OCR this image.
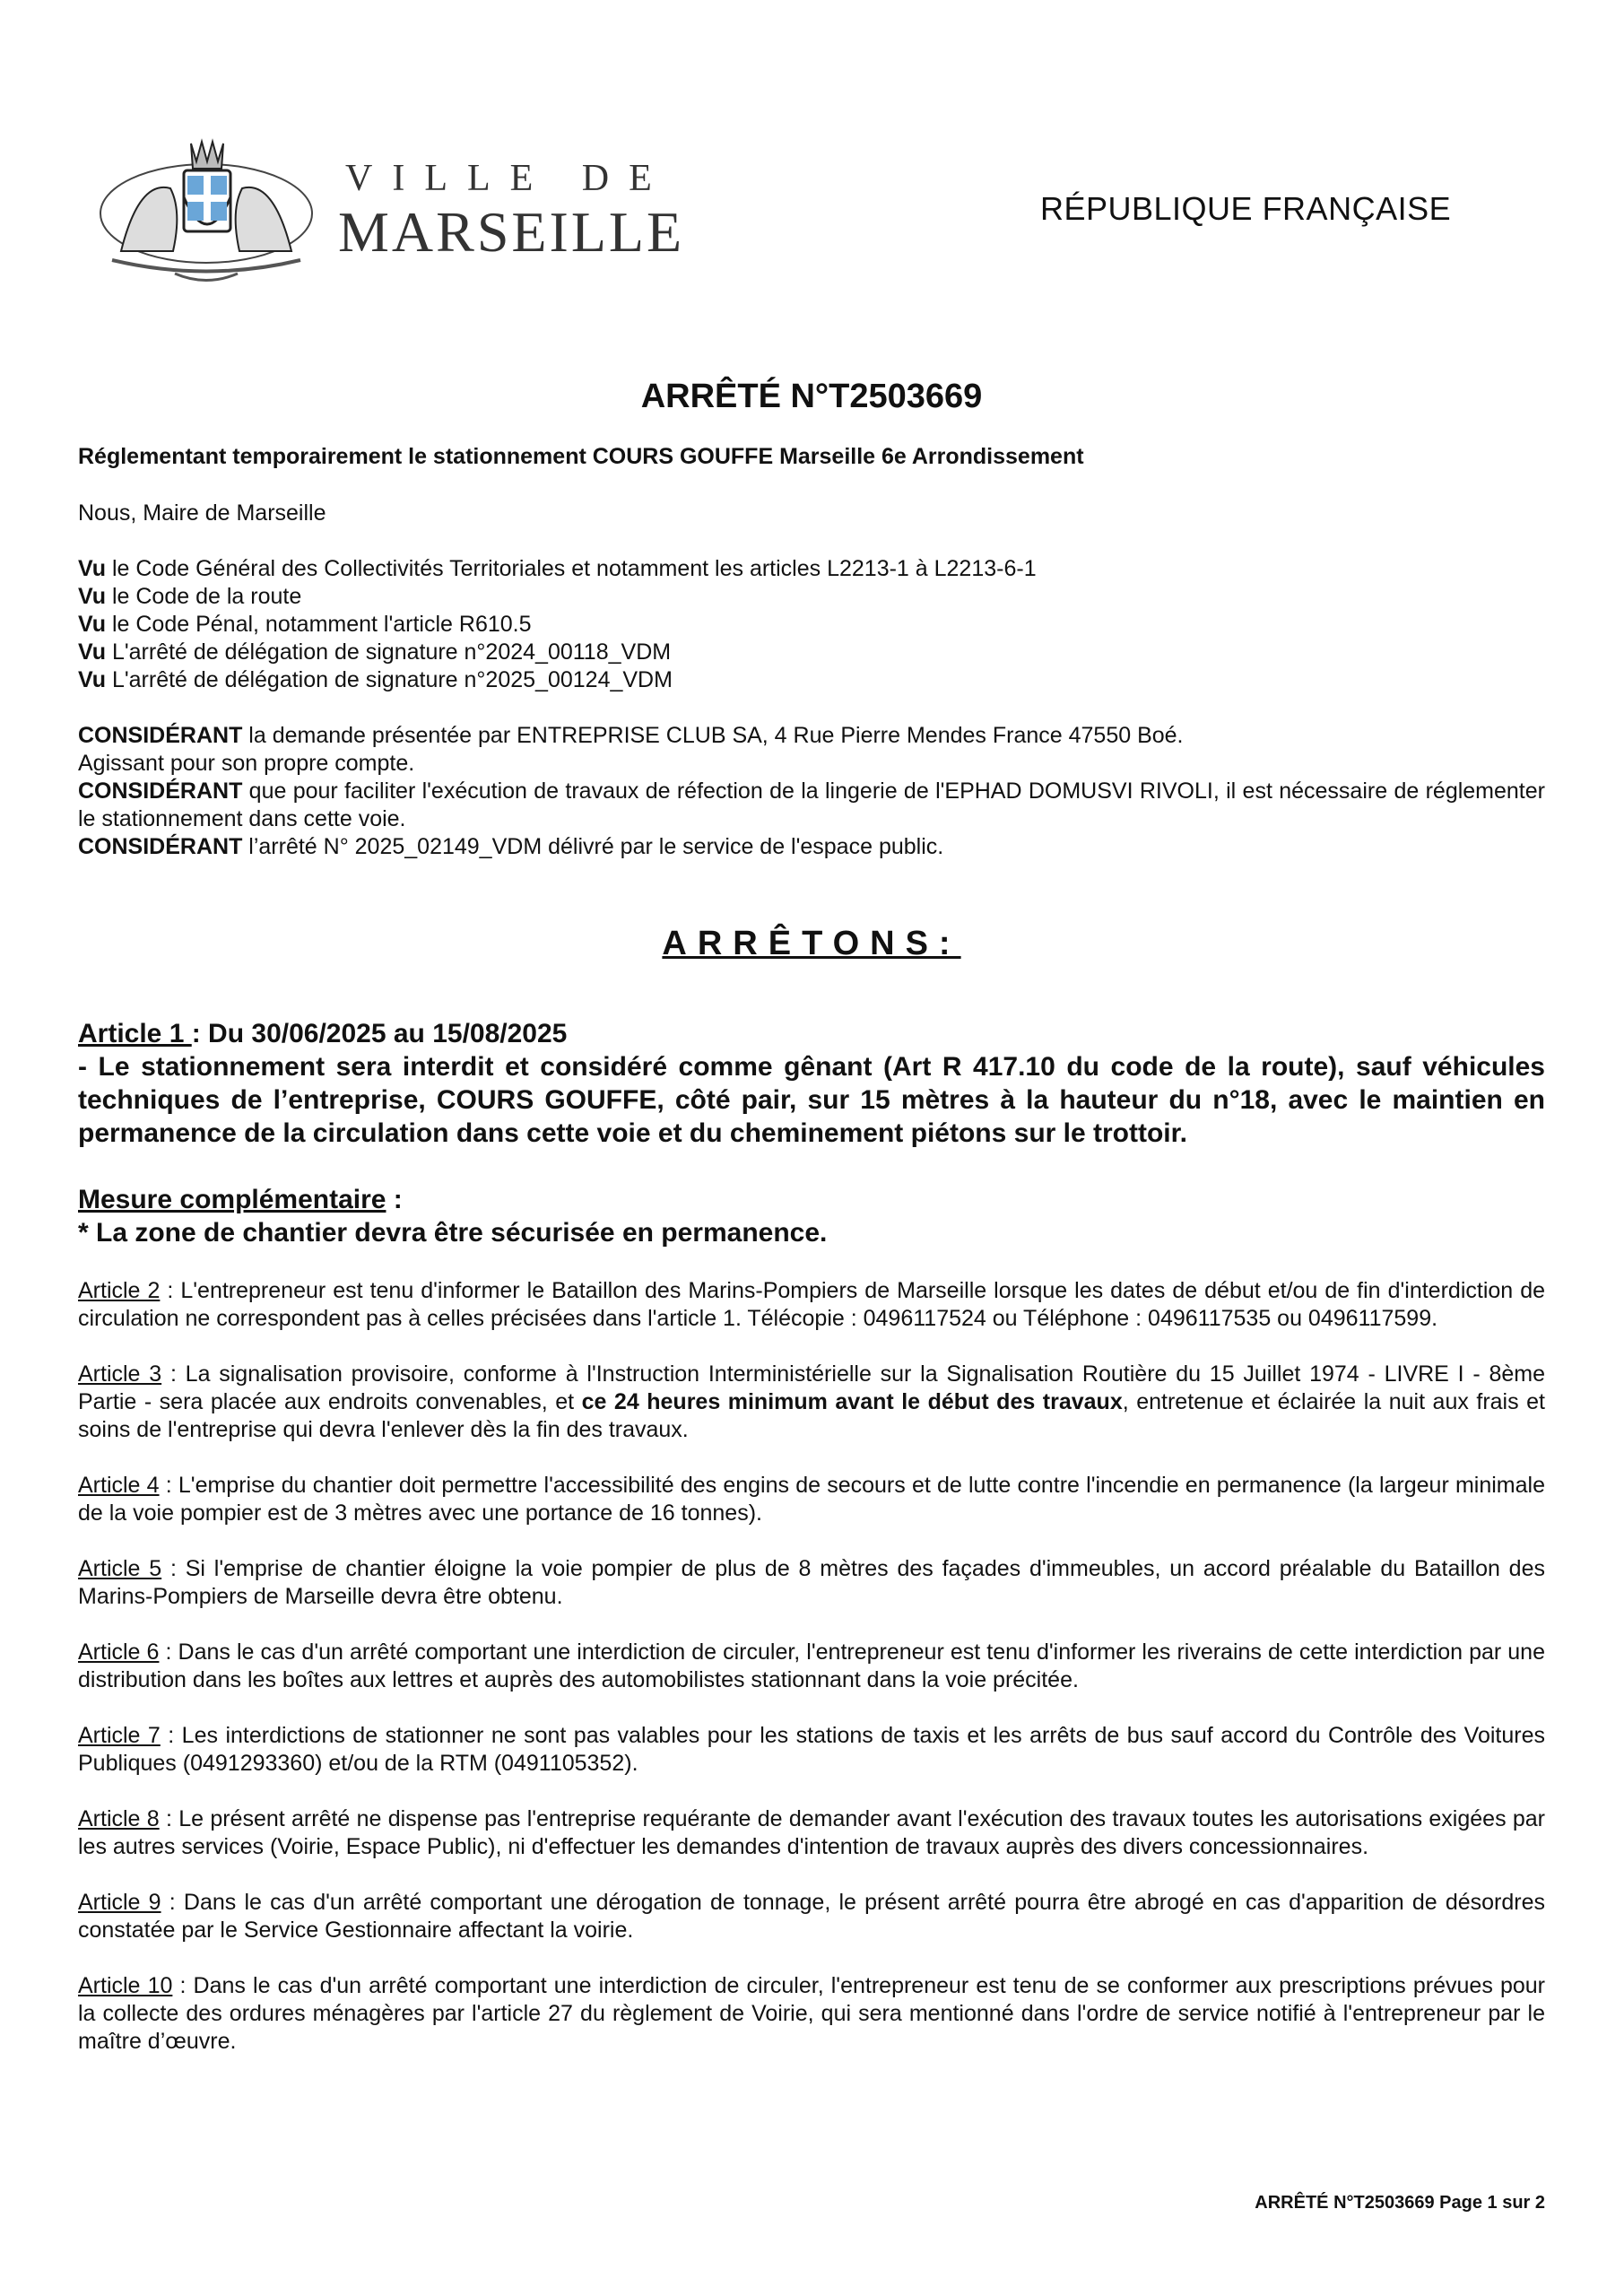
VILLE DE
MARSEILLE	RÉPUBLIQUE FRANÇAISE
ARRÊTÉ N°T2503669
Réglementant temporairement le stationnement COURS GOUFFE Marseille 6e Arrondissement

Nous, Maire de Marseille

Vu le Code Général des Collectivités Territoriales et notamment les articles L2213-1 à L2213-6-1

Vu le Code de la route

Vu le Code Pénal, notamment l'article R610.5

Vu L'arrêté de délégation de signature n°2024_00118_VDM

Vu L'arrêté de délégation de signature n°2025_00124_VDM

CONSIDÉRANT la demande présentée par ENTREPRISE CLUB SA, 4 Rue Pierre Mendes France 47550 Boé.

Agissant pour son propre compte.

CONSIDÉRANT que pour faciliter l'exécution de travaux de réfection de la lingerie de l'EPHAD DOMUSVI RIVOLI, il est nécessaire de réglementer le stationnement dans cette voie.

CONSIDÉRANT l’arrêté N° 2025_02149_VDM délivré par le service de l'espace public.

ARRÊTONS:
Article 1 : Du 30/06/2025 au 15/08/2025
- Le stationnement sera interdit et considéré comme gênant (Art R 417.10 du code de la route), sauf véhicules techniques de l’entreprise, COURS GOUFFE, côté pair, sur 15 mètres à la hauteur du n°18, avec le maintien en permanence de la circulation dans cette voie et du cheminement piétons sur le trottoir.
Mesure complémentaire :
* La zone de chantier devra être sécurisée en permanence.

Article 2 : L'entrepreneur est tenu d'informer le Bataillon des Marins-Pompiers de Marseille lorsque les dates de début et/ou de fin d'interdiction de circulation ne correspondent pas à celles précisées dans l'article 1. Télécopie : 0496117524 ou Téléphone : 0496117535 ou 0496117599.

Article 3 : La signalisation provisoire, conforme à l'Instruction Interministérielle sur la Signalisation Routière du 15 Juillet 1974 - LIVRE I - 8ème Partie - sera placée aux endroits convenables, et ce 24 heures minimum avant le début des travaux, entretenue et éclairée la nuit aux frais et soins de l'entreprise qui devra l'enlever dès la fin des travaux.

Article 4 : L'emprise du chantier doit permettre l'accessibilité des engins de secours et de lutte contre l'incendie en permanence (la largeur minimale de la voie pompier est de 3 mètres avec une portance de 16 tonnes).

Article 5 : Si l'emprise de chantier éloigne la voie pompier de plus de 8 mètres des façades d'immeubles, un accord préalable du Bataillon des Marins-Pompiers de Marseille devra être obtenu.

Article 6 : Dans le cas d'un arrêté comportant une interdiction de circuler, l'entrepreneur est tenu d'informer les riverains de cette interdiction par une distribution dans les boîtes aux lettres et auprès des automobilistes stationnant dans la voie précitée.

Article 7 : Les interdictions de stationner ne sont pas valables pour les stations de taxis et les arrêts de bus sauf accord du Contrôle des Voitures Publiques (0491293360) et/ou de la RTM (0491105352).

Article 8 : Le présent arrêté ne dispense pas l'entreprise requérante de demander avant l'exécution des travaux toutes les autorisations exigées par les autres services (Voirie, Espace Public), ni d'effectuer les demandes d'intention de travaux auprès des divers concessionnaires.

Article 9 : Dans le cas d'un arrêté comportant une dérogation de tonnage, le présent arrêté pourra être abrogé en cas d'apparition de désordres constatée par le Service Gestionnaire affectant la voirie.

Article 10 : Dans le cas d'un arrêté comportant une interdiction de circuler, l'entrepreneur est tenu de se conformer aux prescriptions prévues pour la collecte des ordures ménagères par l'article 27 du règlement de Voirie, qui sera mentionné dans l'ordre de service notifié à l'entrepreneur par le maître d’œuvre.

ARRÊTÉ N°T2503669 Page 1 sur 2
